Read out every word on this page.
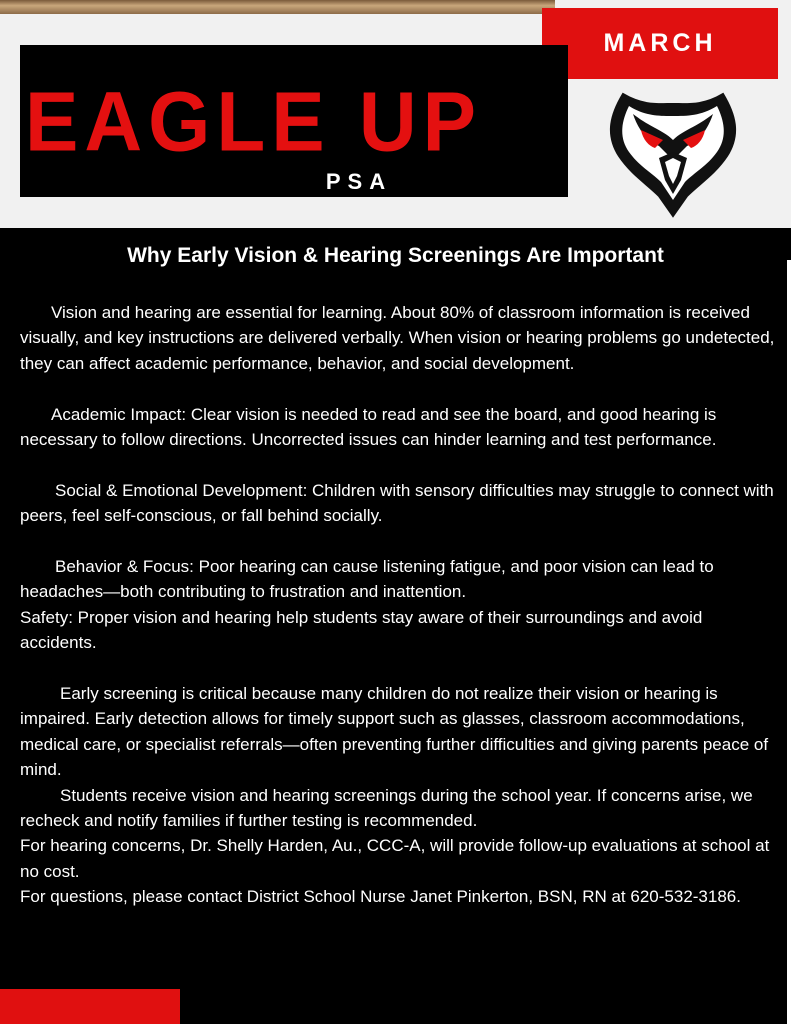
MARCH
EAGLE UP
PSA
Why Early Vision & Hearing Screenings Are Important

Vision and hearing are essential for learning. About 80% of classroom information is received visually, and key instructions are delivered verbally. When vision or hearing problems go undetected, they can affect academic performance, behavior, and social development.

Academic Impact: Clear vision is needed to read and see the board, and good hearing is necessary to follow directions. Uncorrected issues can hinder learning and test performance.

Social & Emotional Development: Children with sensory difficulties may struggle to connect with peers, feel self-conscious, or fall behind socially.

Behavior & Focus: Poor hearing can cause listening fatigue, and poor vision can lead to headaches—both contributing to frustration and inattention.

Safety: Proper vision and hearing help students stay aware of their surroundings and avoid accidents.

Early screening is critical because many children do not realize their vision or hearing is impaired. Early detection allows for timely support such as glasses, classroom accommodations, medical care, or specialist referrals—often preventing further difficulties and giving parents peace of mind.

Students receive vision and hearing screenings during the school year. If concerns arise, we recheck and notify families if further testing is recommended.

For hearing concerns, Dr. Shelly Harden, Au., CCC-A, will provide follow-up evaluations at school at no cost.

For questions, please contact District School Nurse Janet Pinkerton, BSN, RN at 620-532-3186.
